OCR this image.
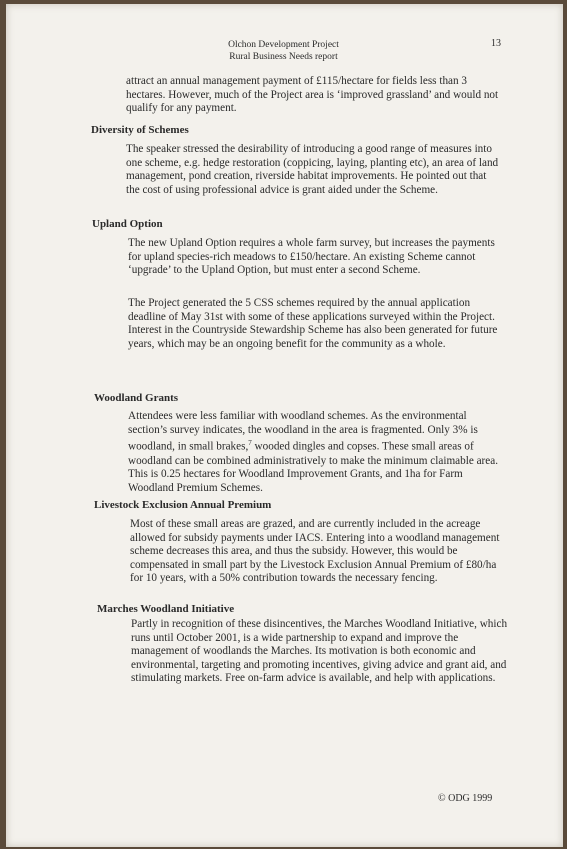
Olchon Development Project
Rural Business Needs report
13
attract an annual management payment of £115/hectare for fields less than 3 hectares. However, much of the Project area is ‘improved grassland’ and would not qualify for any payment.
Diversity of Schemes
The speaker stressed the desirability of introducing a good range of measures into one scheme, e.g. hedge restoration (coppicing, laying, planting etc), an area of land management, pond creation, riverside habitat improvements. He pointed out that the cost of using professional advice is grant aided under the Scheme.
Upland Option
The new Upland Option requires a whole farm survey, but increases the payments for upland species-rich meadows to £150/hectare. An existing Scheme cannot ‘upgrade’ to the Upland Option, but must enter a second Scheme.
The Project generated the 5 CSS schemes required by the annual application deadline of May 31st with some of these applications surveyed within the Project. Interest in the Countryside Stewardship Scheme has also been generated for future years, which may be an ongoing benefit for the community as a whole.
Woodland Grants
Attendees were less familiar with woodland schemes. As the environmental section’s survey indicates, the woodland in the area is fragmented. Only 3% is woodland, in small brakes,$^7$ wooded dingles and copses. These small areas of woodland can be combined administratively to make the minimum claimable area. This is 0.25 hectares for Woodland Improvement Grants, and 1ha for Farm Woodland Premium Schemes.
Livestock Exclusion Annual Premium
Most of these small areas are grazed, and are currently included in the acreage allowed for subsidy payments under IACS. Entering into a woodland management scheme decreases this area, and thus the subsidy. However, this would be compensated in small part by the Livestock Exclusion Annual Premium of £80/ha for 10 years, with a 50% contribution towards the necessary fencing.
Marches Woodland Initiative
Partly in recognition of these disincentives, the Marches Woodland Initiative, which runs until October 2001, is a wide partnership to expand and improve the management of woodlands the Marches. Its motivation is both economic and environmental, targeting and promoting incentives, giving advice and grant aid, and stimulating markets. Free on-farm advice is available, and help with applications.
© ODG 1999
